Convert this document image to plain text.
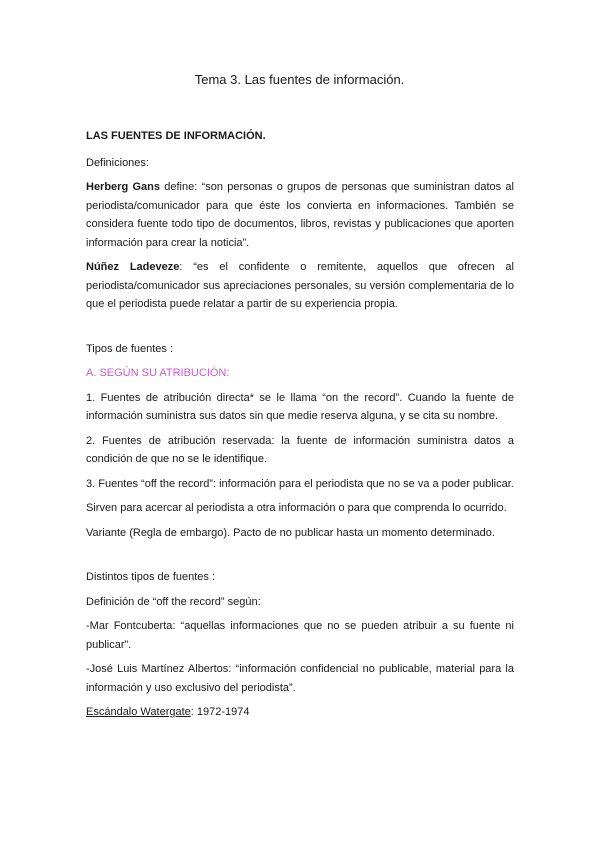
Tema 3. Las fuentes de información.

LAS FUENTES DE INFORMACIÓN.

Definiciones:

Herberg Gans define: “son personas o grupos de personas que suministran datos al periodista/comunicador para que éste los convierta en informaciones. También se considera fuente todo tipo de documentos, libros, revistas y publicaciones que aporten información para crear la noticia”.

Núñez Ladeveze: “es el confidente o remitente, aquellos que ofrecen al periodista/comunicador sus apreciaciones personales, su versión complementaria de lo que el periodista puede relatar a partir de su experiencia propia.

Tipos de fuentes :

A. SEGÚN SU ATRIBUCIÓN:

1. Fuentes de atribución directa* se le llama “on the record”. Cuando la fuente de información suministra sus datos sin que medie reserva alguna, y se cita su nombre.

2. Fuentes de atribución reservada: la fuente de información suministra datos a condición de que no se le identifique.

3. Fuentes “off the record”: información para el periodista que no se va a poder publicar.

Sirven para acercar al periodista a otra información o para que comprenda lo ocurrido.

Variante (Regla de embargo). Pacto de no publicar hasta un momento determinado.

Distintos tipos de fuentes :

Definición de “off the record” según:

-Mar Fontcuberta: “aquellas informaciones que no se pueden atribuir a su fuente ni publicar”.

-José Luis Martínez Albertos: “información confidencial no publicable, material para la información y uso exclusivo del periodista”.

Escándalo Watergate: 1972-1974
